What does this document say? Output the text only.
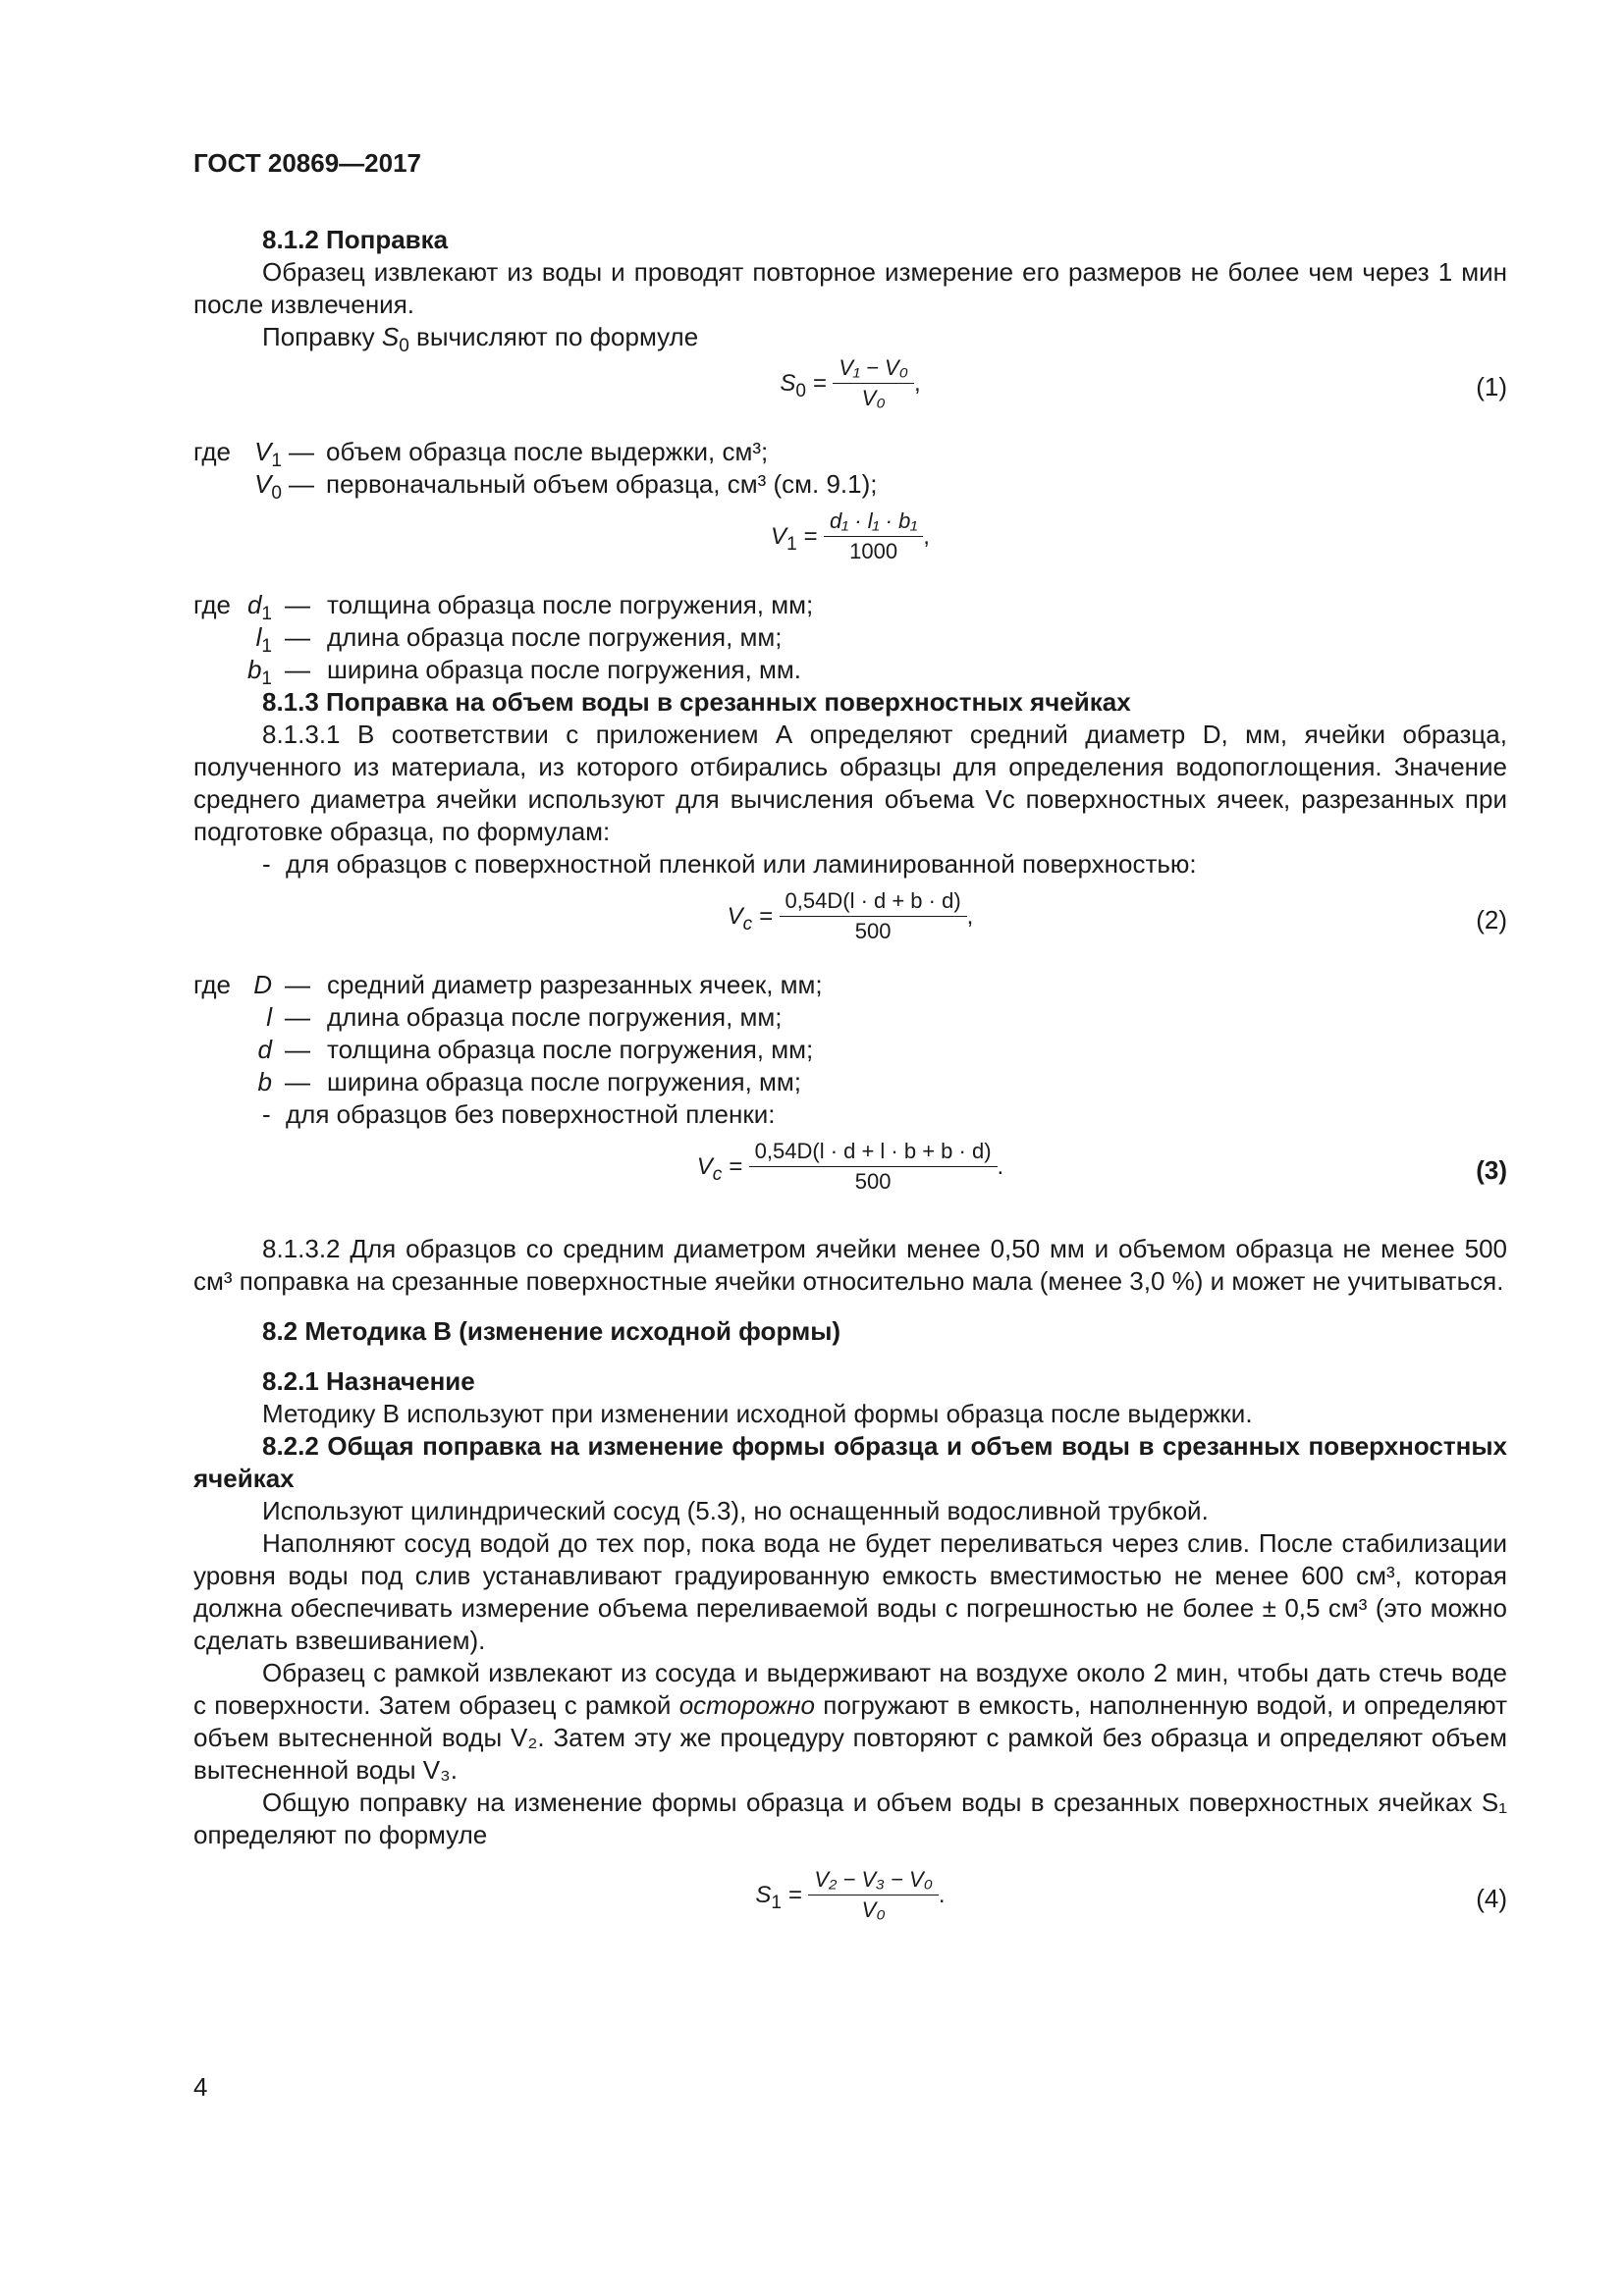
ГОСТ 20869—2017

8.1.2 Поправка

Образец извлекают из воды и проводят повторное измерение его размеров не более чем через 1 мин после извлечения.

Поправку $S_0$ вычисляют по формуле

$S_0 = \frac{\text{V₁ − V₀}}{\text{V₀}}$ ,	(1)
где $V_1$ — объем образца после выдержки, см³;
$V_0$ — первоначальный объем образца, см³ (см. 9.1);
$V_1 = \frac{\text{d₁ · l₁ · b₁}}{1000}$ ,
где $d_1$ — толщина образца после погружения, мм;
$l_1$ — длина образца после погружения, мм;
$b_1$ — ширина образца после погружения, мм.

8.1.3 Поправка на объем воды в срезанных поверхностных ячейках

8.1.3.1 В соответствии с приложением А определяют средний диаметр D, мм, ячейки образца, полученного из материала, из которого отбирались образцы для определения водопоглощения. Значение среднего диаметра ячейки используют для вычисления объема Vc поверхностных ячеек, разрезанных при подготовке образца, по формулам:

- для образцов с поверхностной пленкой или ламинированной поверхностью:
$V_c = \frac{0,54D(l \cdot d + b \cdot d)}{500}$ ,	(2)
где D — средний диаметр разрезанных ячеек, мм;
l — длина образца после погружения, мм;
d — толщина образца после погружения, мм;
b — ширина образца после погружения, мм;
- для образцов без поверхностной пленки:
$V_c = \frac{0,54D(l \cdot d + l \cdot b + b \cdot d)}{500}$ .	(3)

8.1.3.2 Для образцов со средним диаметром ячейки менее 0,50 мм и объемом образца не менее 500 см³ поправка на срезанные поверхностные ячейки относительно мала (менее 3,0 %) и может не учитываться.

8.2 Методика В (изменение исходной формы)

8.2.1 Назначение

Методику В используют при изменении исходной формы образца после выдержки.

8.2.2 Общая поправка на изменение формы образца и объем воды в срезанных поверхностных ячейках

Используют цилиндрический сосуд (5.3), но оснащенный водосливной трубкой.

Наполняют сосуд водой до тех пор, пока вода не будет переливаться через слив. После стабилизации уровня воды под слив устанавливают градуированную емкость вместимостью не менее 600 см³, которая должна обеспечивать измерение объема переливаемой воды с погрешностью не более ± 0,5 см³ (это можно сделать взвешиванием).

Образец с рамкой извлекают из сосуда и выдерживают на воздухе около 2 мин, чтобы дать стечь воде с поверхности. Затем образец с рамкой осторожно погружают в емкость, наполненную водой, и определяют объем вытесненной воды V₂. Затем эту же процедуру повторяют с рамкой без образца и определяют объем вытесненной воды V₃.

Общую поправку на изменение формы образца и объем воды в срезанных поверхностных ячейках S₁ определяют по формуле

$S_1 = \frac{\text{V₂ − V₃ − V₀}}{\text{V₀}}$ .	(4)
4
